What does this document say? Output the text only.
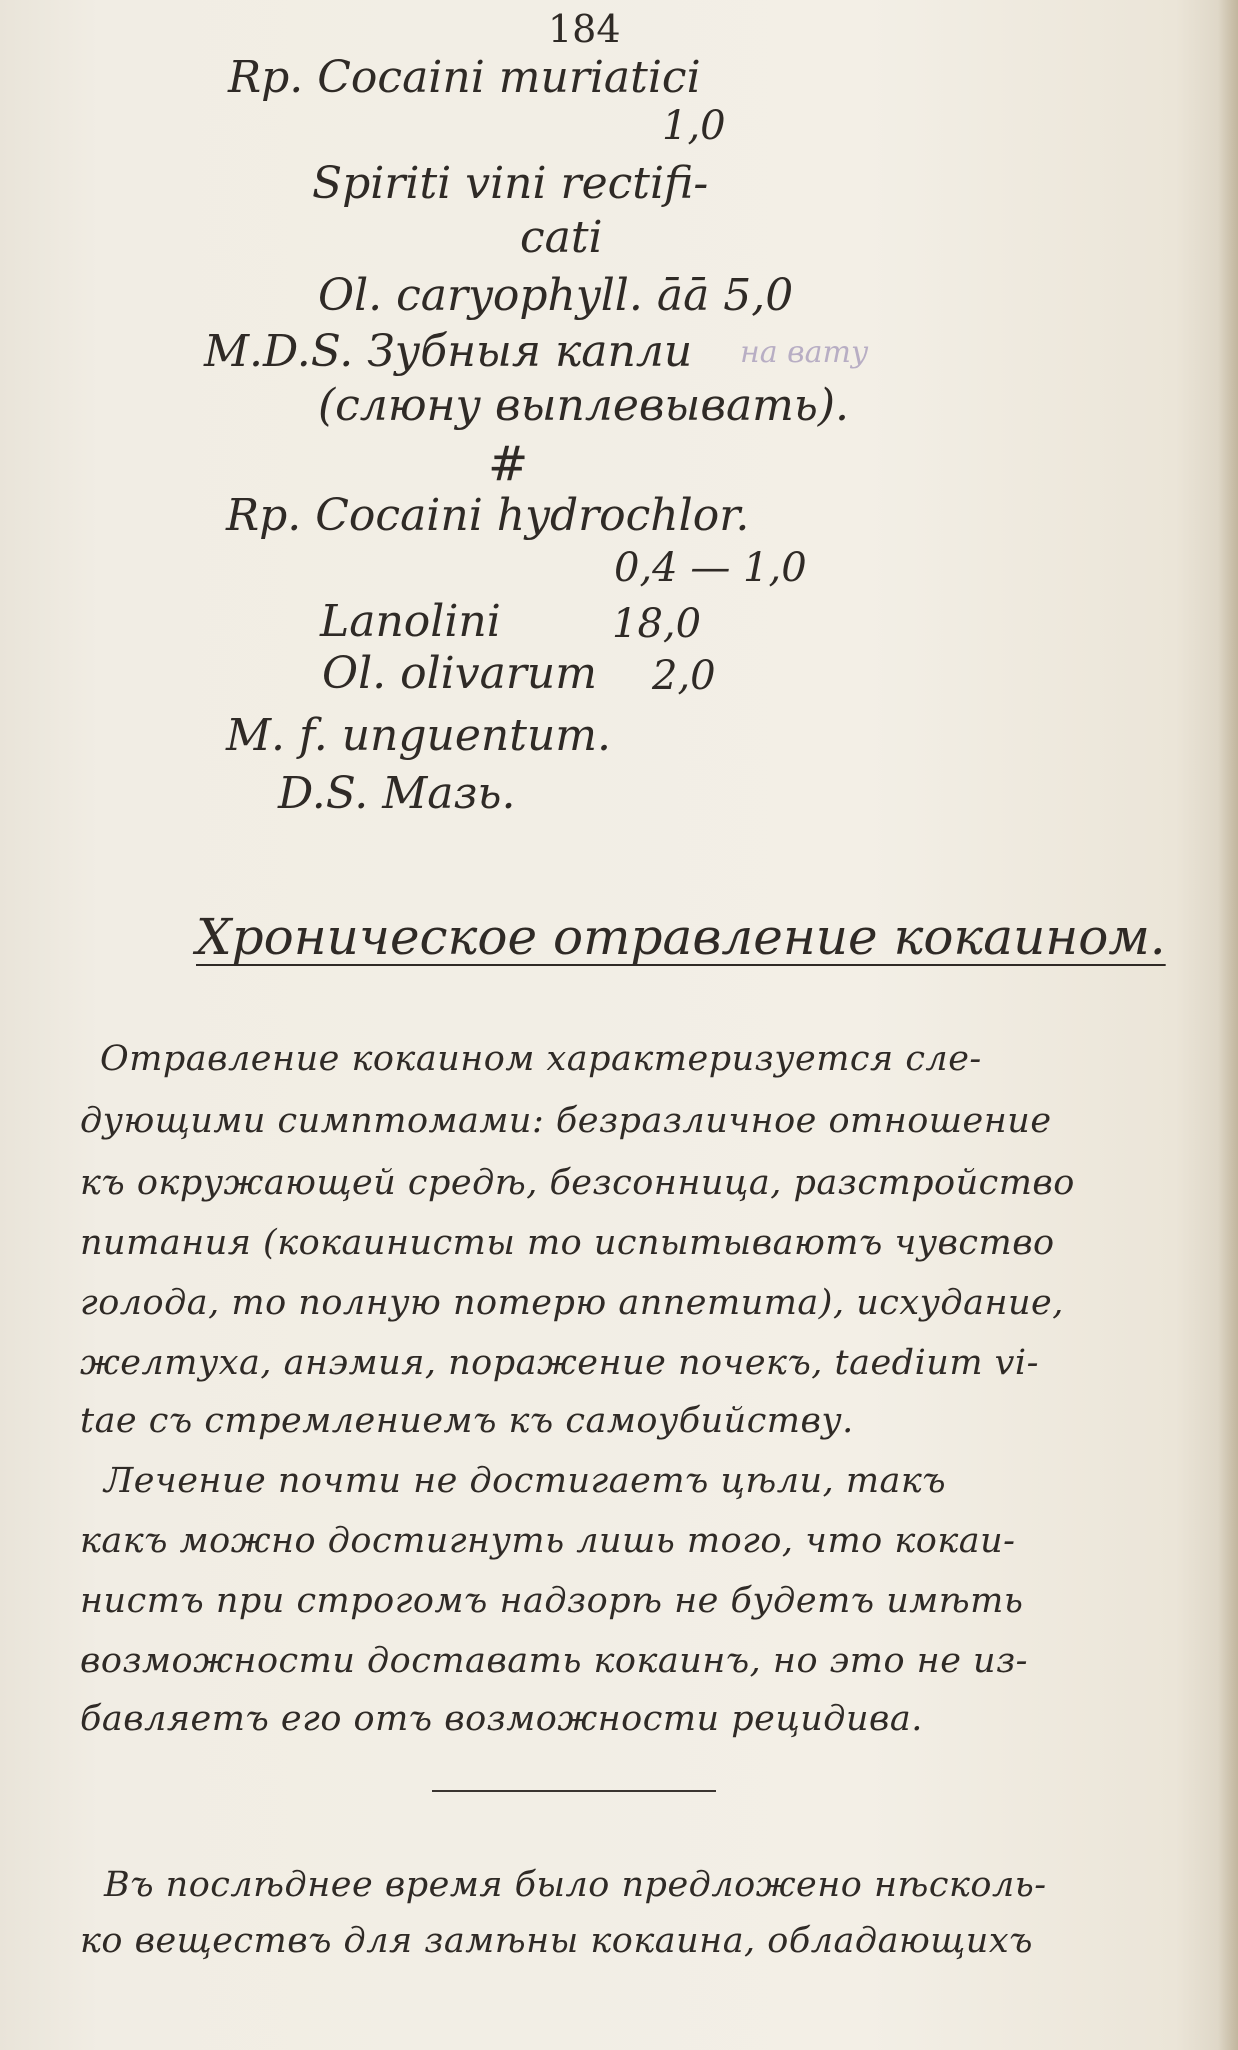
184
Rp. Cocaini muriatici
1,0
Spiriti vini rectifi-
cati
Ol. caryophyll. āā 5,0
M.D.S. Зубныя капли на вату
(слюну выплевывать).
#
Rp. Cocaini hydrochlor.
0,4 — 1,0
Lanolini	18,0
Ol. olivarum 2,0
M. f. unguentum.
D.S. Мазь.
Хроническое отравление кокаином.
Отравление кокаином характеризуется сле-
дующими симптомами: безразличное отношение
къ окружающей средѣ, безсонница, разстройство
питания (кокаинисты то испытываютъ чувство
голода, то полную потерю аппетита), исхудание,
желтуха, анэмия, поражение почекъ, taedium vi-
tae съ стремлениемъ къ самоубийству.
Лечение почти не достигаетъ цѣли, такъ
какъ можно достигнуть лишь того, что кокаи-
нистъ при строгомъ надзорѣ не будетъ имѣть
возможности доставать кокаинъ, но это не из-
бавляетъ его отъ возможности рецидива.
Въ послѣднее время было предложено нѣсколь-
ко веществъ для замѣны кокаина, обладающихъ
